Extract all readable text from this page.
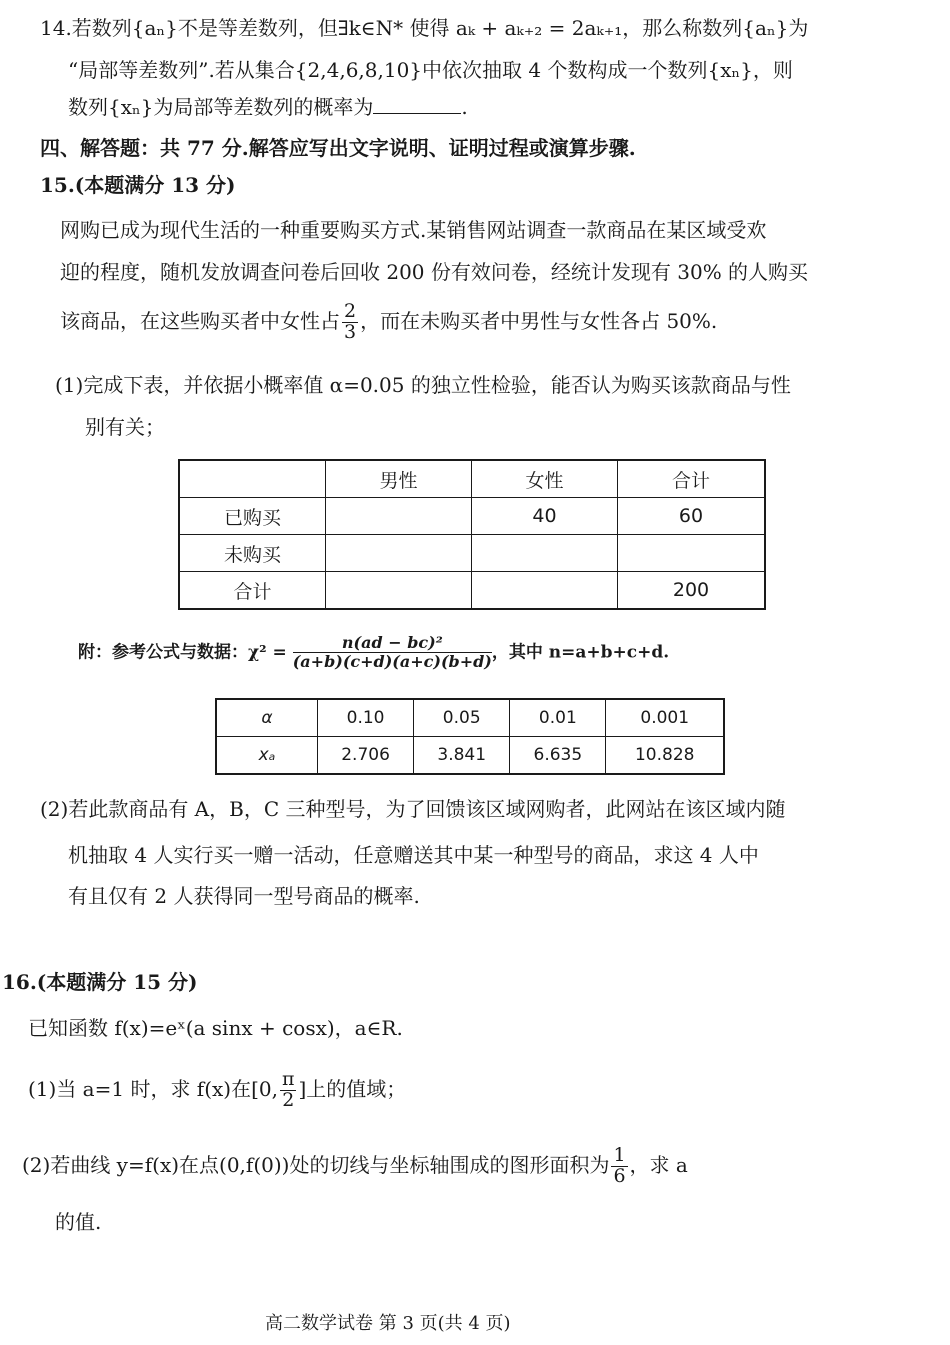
14.若数列{aₙ}不是等差数列，但∃k∈N* 使得 aₖ + aₖ₊₂ = 2aₖ₊₁，那么称数列{aₙ}为
“局部等差数列”.若从集合{2,4,6,8,10}中依次抽取 4 个数构成一个数列{xₙ}，则
数列{xₙ}为局部等差数列的概率为	.
四、解答题：共 77 分.解答应写出文字说明、证明过程或演算步骤.
15.(本题满分 13 分)
网购已成为现代生活的一种重要购买方式.某销售网站调查一款商品在某区域受欢
迎的程度，随机发放调查问卷后回收 200 份有效问卷，经统计发现有 30% 的人购买
该商品，在这些购买者中女性占 $\frac{2}{3}$ ，而在未购买者中男性与女性各占 50%.
(1)完成下表，并依据小概率值 α=0.05 的独立性检验，能否认为购买该款商品与性
别有关；
	男性	女性	合计
已购买		40	60
未购买			
合计			200
附：参考公式与数据：$\chi^2 = \frac{\text{n(ad − bc)²}}{(a+b)(c+d)(a+c)(b+d)}$ ，其中 n=a+b+c+d.
α	0.10	0.05	0.01	0.001
xₐ	2.706	3.841	6.635	10.828
(2)若此款商品有 A，B，C 三种型号，为了回馈该区域网购者，此网站在该区域内随
机抽取 4 人实行买一赠一活动，任意赠送其中某一种型号的商品，求这 4 人中
有且仅有 2 人获得同一型号商品的概率.
16.(本题满分 15 分)
已知函数 f(x)=eˣ(a sinx + cosx)，a∈R.
(1)当 a=1 时，求 f(x)在[0, $\frac{\pi}{2}$ ]上的值域；
(2)若曲线 y=f(x)在点(0,f(0))处的切线与坐标轴围成的图形面积为 $\frac{1}{6}$ ，求 a
的值.
高二数学试卷 第 3 页(共 4 页)
